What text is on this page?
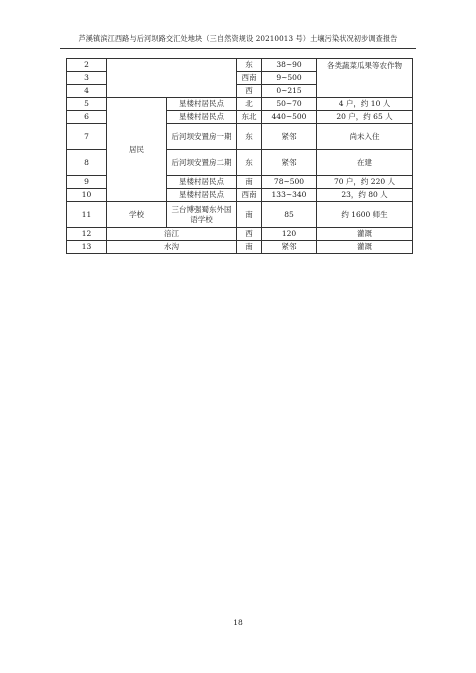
芦溪镇滨江西路与后河坝路交汇处地块（三自然资规设 20210013 号）土壤污染状况初步调查报告
2			东	38~90	各类蔬菜瓜果等农作物
3			西南	9~500	
4			西	0~215	
5	居民	星楼村居民点	北	50~70	4 户，约 10 人
6		星楼村居民点	东北	440~500	20 户，约 65 人
7		后河坝安置房一期	东	紧邻	尚未入住
8		后河坝安置房二期	东	紧邻	在建
9		星楼村居民点	南	78~500	70 户，约 220 人
10		星楼村居民点	西南	133~340	23，约 80 人
11	学校	三台博强蜀东外国语学校	南	85	约 1600 师生
12	涪江		西	120	灌溉
13	水沟		南	紧邻	灌溉
18
